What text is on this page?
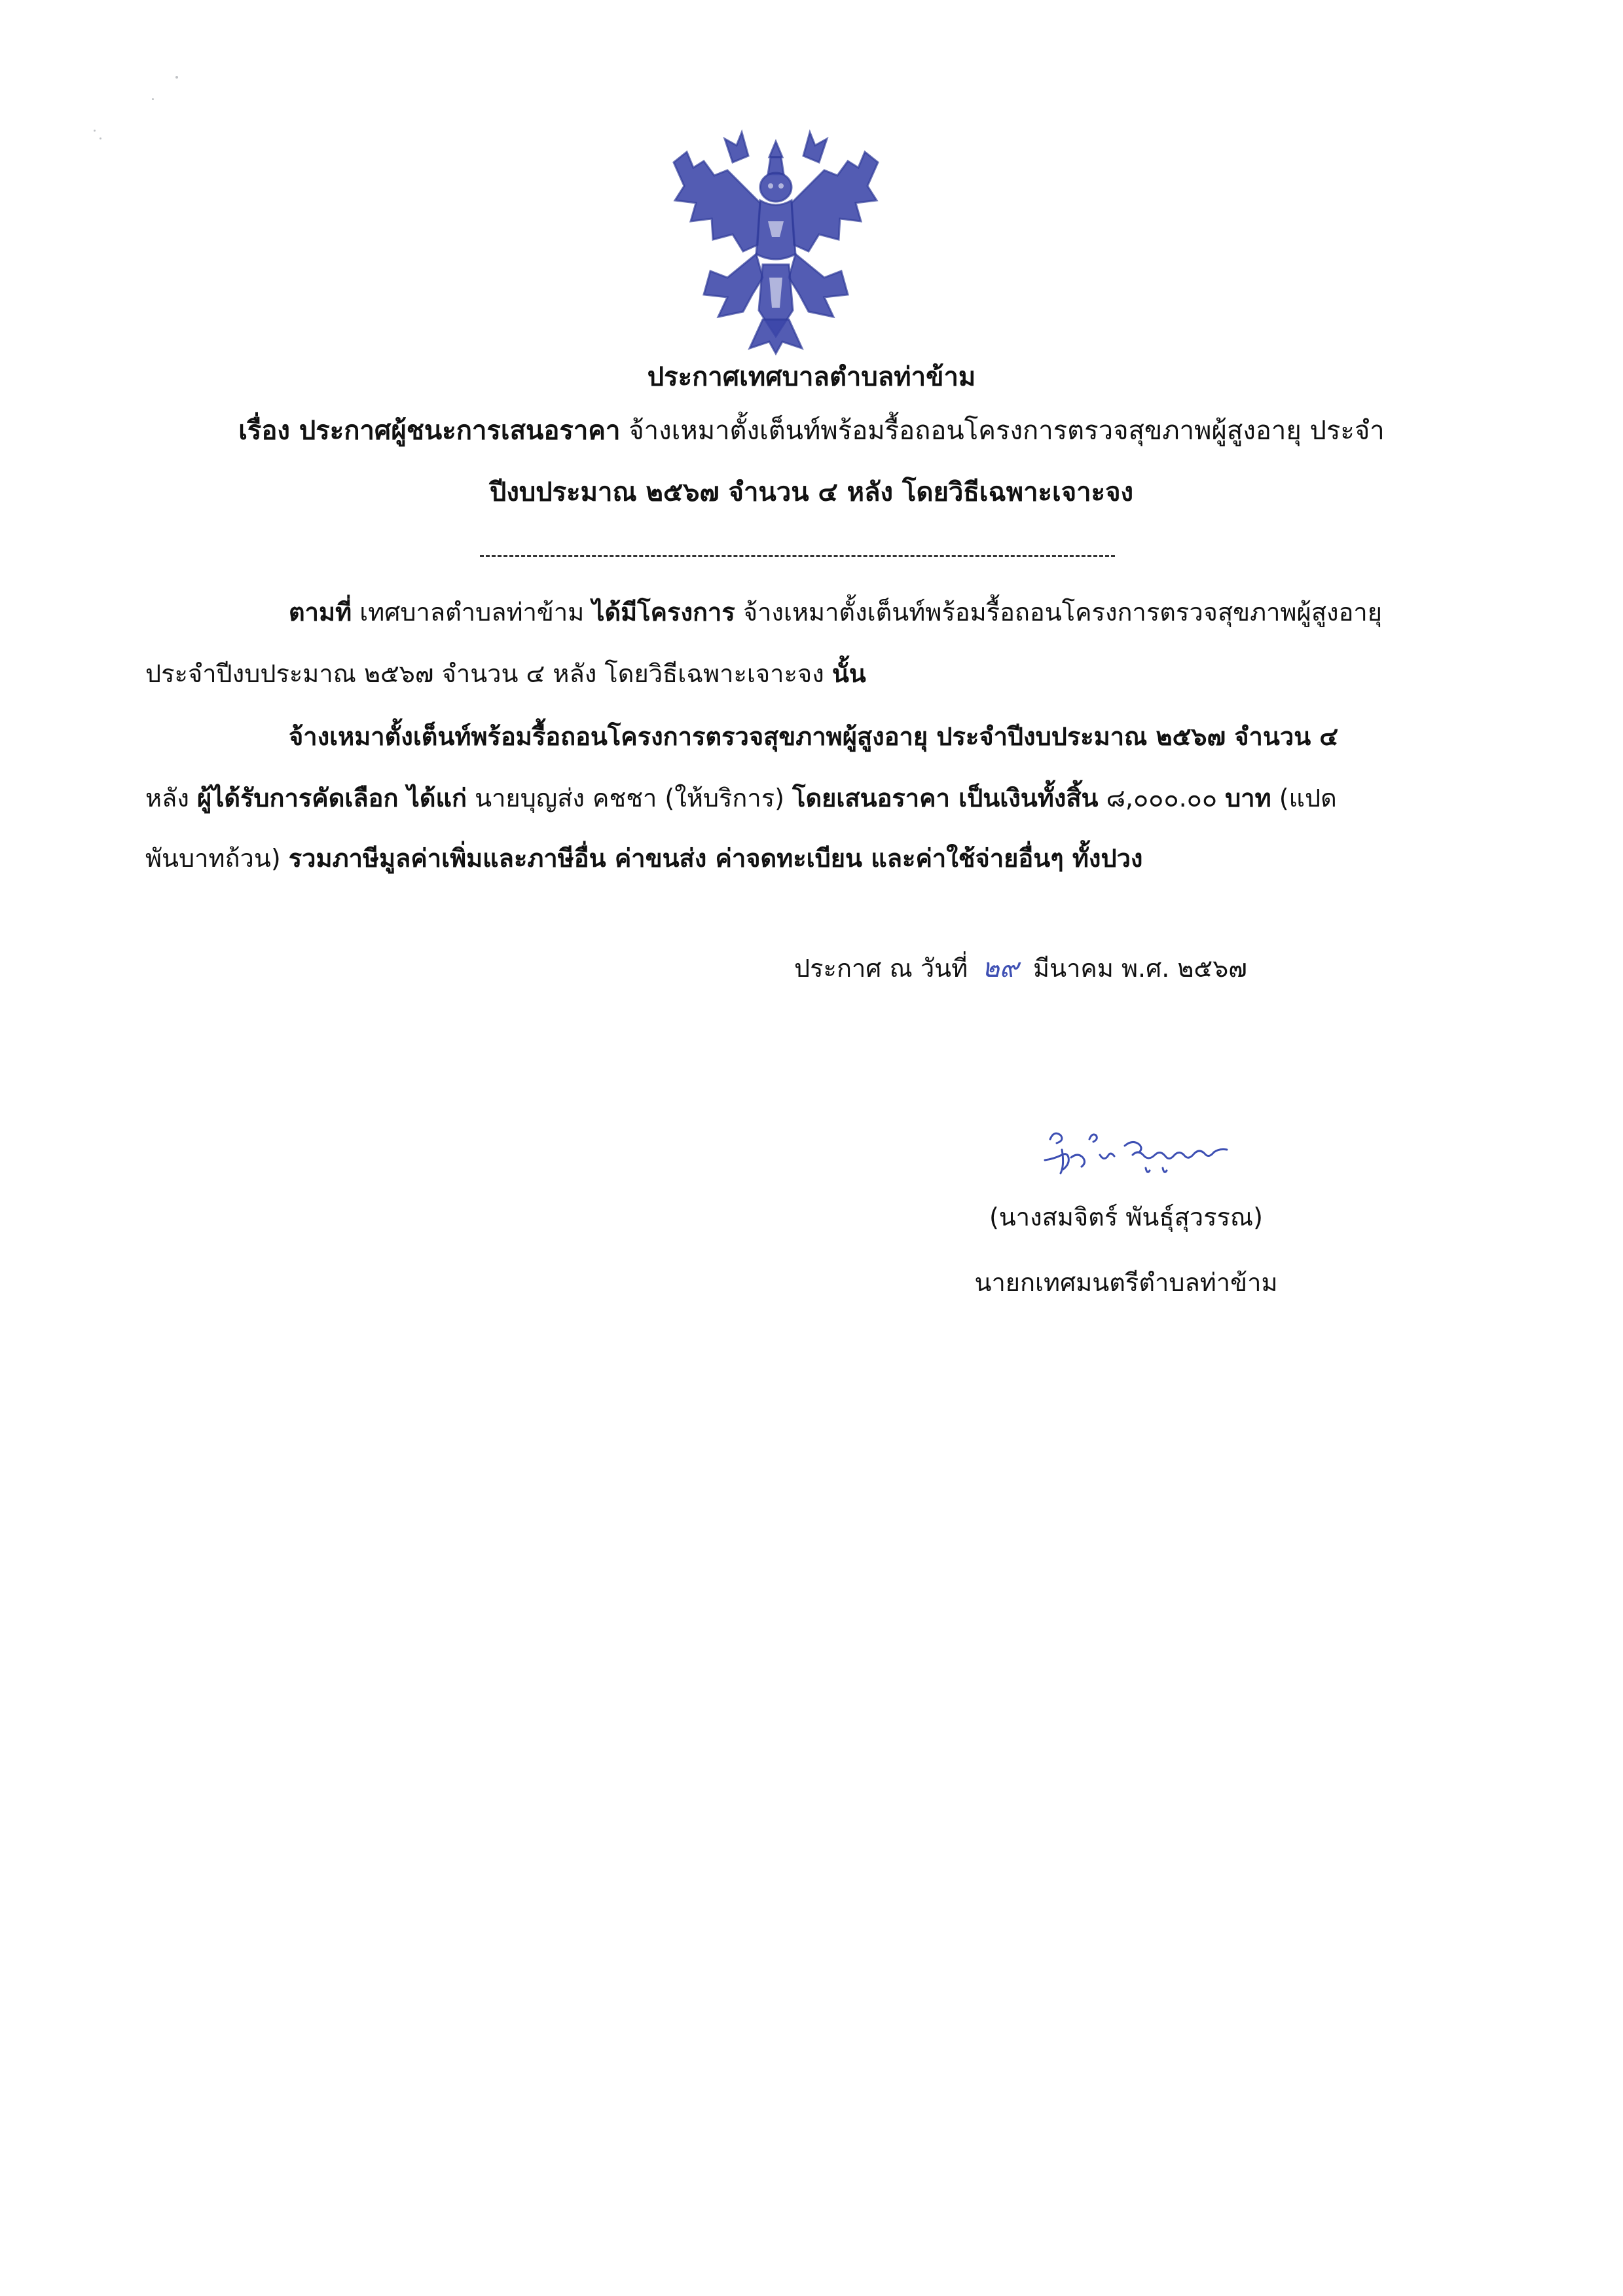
ประกาศเทศบาลตำบลท่าข้าม
เรื่อง ประกาศผู้ชนะการเสนอราคา จ้างเหมาตั้งเต็นท์พร้อมรื้อถอนโครงการตรวจสุขภาพผู้สูงอายุ ประจำ
ปีงบประมาณ ๒๕๖๗ จำนวน ๔ หลัง โดยวิธีเฉพาะเจาะจง
ตามที่ เทศบาลตำบลท่าข้าม ได้มีโครงการ จ้างเหมาตั้งเต็นท์พร้อมรื้อถอนโครงการตรวจสุขภาพผู้สูงอายุ
ประจำปีงบประมาณ ๒๕๖๗ จำนวน ๔ หลัง โดยวิธีเฉพาะเจาะจง นั้น
จ้างเหมาตั้งเต็นท์พร้อมรื้อถอนโครงการตรวจสุขภาพผู้สูงอายุ ประจำปีงบประมาณ ๒๕๖๗ จำนวน ๔
หลัง ผู้ได้รับการคัดเลือก ได้แก่ นายบุญส่ง คชชา (ให้บริการ) โดยเสนอราคา เป็นเงินทั้งสิ้น ๘,๐๐๐.๐๐ บาท (แปด
พันบาทถ้วน) รวมภาษีมูลค่าเพิ่มและภาษีอื่น ค่าขนส่ง ค่าจดทะเบียน และค่าใช้จ่ายอื่นๆ ทั้งปวง
ประกาศ ณ วันที่ ๒๙ มีนาคม พ.ศ. ๒๕๖๗
(นางสมจิตร์ พันธุ์สุวรรณ)
นายกเทศมนตรีตำบลท่าข้าม
